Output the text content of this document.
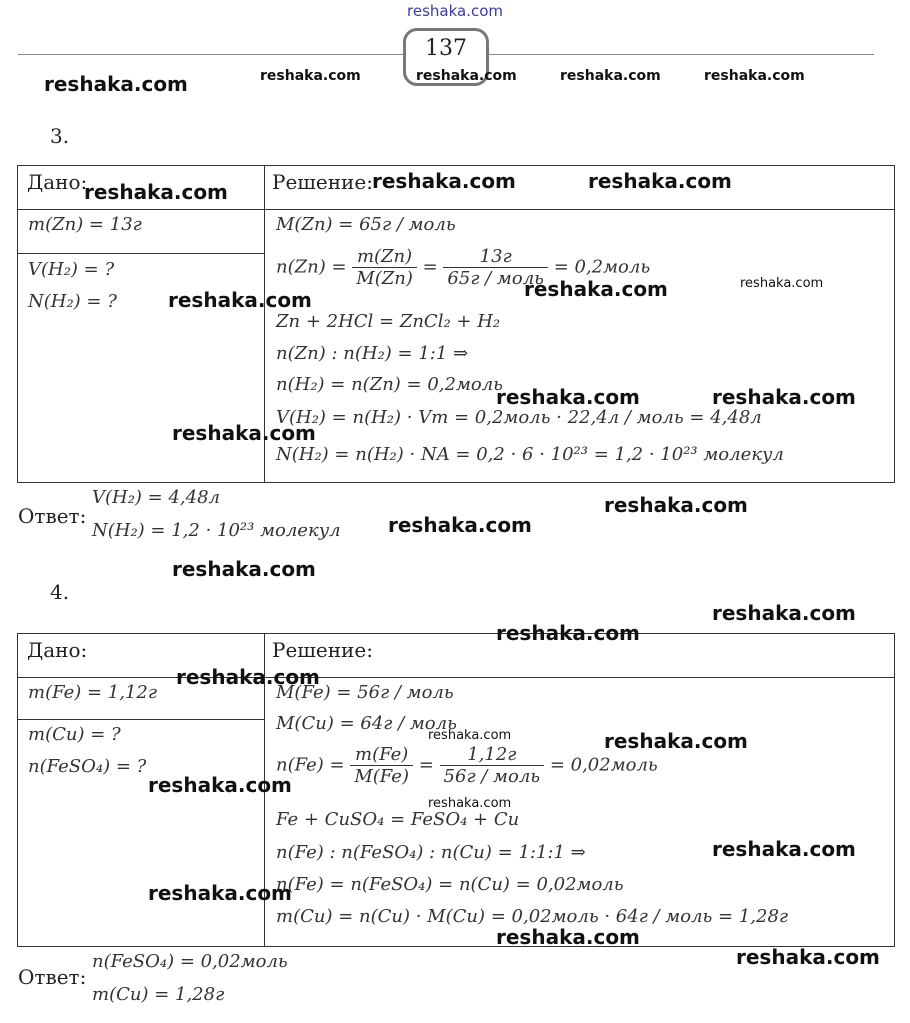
reshaka.com
137
reshaka.com	reshaka.com	reshaka.com	reshaka.com	reshaka.com
3.
Дано:	Решение:
m(Zn) = 13г
V(H₂) = ?
N(H₂) = ?
M(Zn) = 65г / моль
$n(Zn) = \frac{m(Zn)}{M(Zn)} = \frac{13г}{\text{65г / моль}}$ = 0,2моль
Zn + 2HCl = ZnCl₂ + H₂
n(Zn) : n(H₂) = 1:1 ⇒
n(H₂) = n(Zn) = 0,2моль
V(H₂) = n(H₂) · Vm = 0,2моль · 22,4л / моль = 4,48л
N(H₂) = n(H₂) · NA = 0,2 · 6 · 10²³ = 1,2 · 10²³ молекул
Ответ:
V(H₂) = 4,48л
N(H₂) = 1,2 · 10²³ молекул
4.
Дано:	Решение:
m(Fe) = 1,12г
m(Cu) = ?
n(FeSO₄) = ?
M(Fe) = 56г / моль
M(Cu) = 64г / моль
$n(Fe) = \frac{m(Fe)}{M(Fe)} = \frac{1,12г}{\text{56г / моль}}$ = 0,02моль
Fe + CuSO₄ = FeSO₄ + Cu
n(Fe) : n(FeSO₄) : n(Cu) = 1:1:1 ⇒
n(Fe) = n(FeSO₄) = n(Cu) = 0,02моль
m(Cu) = n(Cu) · M(Cu) = 0,02моль · 64г / моль = 1,28г
Ответ:
n(FeSO₄) = 0,02моль
m(Cu) = 1,28г
reshaka.com	reshaka.com	reshaka.com
reshaka.com	reshaka.com
reshaka.com
reshaka.com	reshaka.com
reshaka.com
reshaka.com
reshaka.com
reshaka.com
reshaka.com
reshaka.com
reshaka.com
reshaka.com	reshaka.com
reshaka.com
reshaka.com
reshaka.com
reshaka.com
reshaka.com
reshaka.com
